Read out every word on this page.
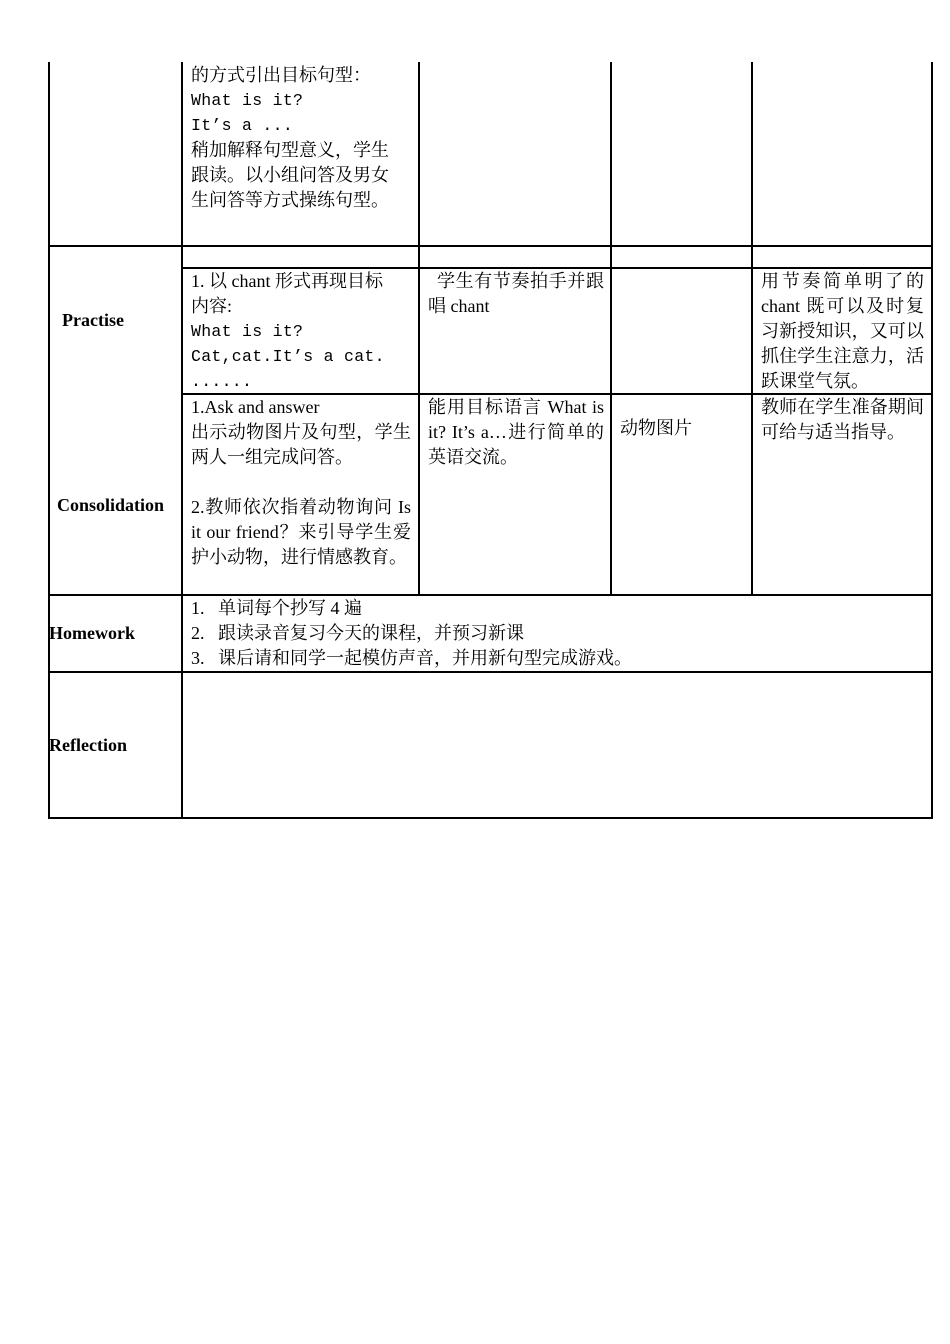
的方式引出目标句型：
What is it?
It’s a ...
稍加解释句型意义，学生
跟读。以小组问答及男女
生问答等方式操练句型。
Practise
1. 以 chant 形式再现目标
内容:
What is it?
Cat,cat.It’s a cat.
......
学生有节奏拍手并跟唱 chant
用节奏简单明了的 chant 既可以及时复习新授知识，又可以抓住学生注意力，活跃课堂气氛。
Consolidation
1.Ask and answer
出示动物图片及句型，学生两人一组完成问答。
2.教师依次指着动物询问 Is it our friend？来引导学生爱护小动物，进行情感教育。
能用目标语言 What is it? It’s a…进行简单的英语交流。
动物图片
教师在学生准备期间可给与适当指导。
Homework
1.   单词每个抄写 4 遍
2.   跟读录音复习今天的课程，并预习新课
3.   课后请和同学一起模仿声音，并用新句型完成游戏。
Reflection
